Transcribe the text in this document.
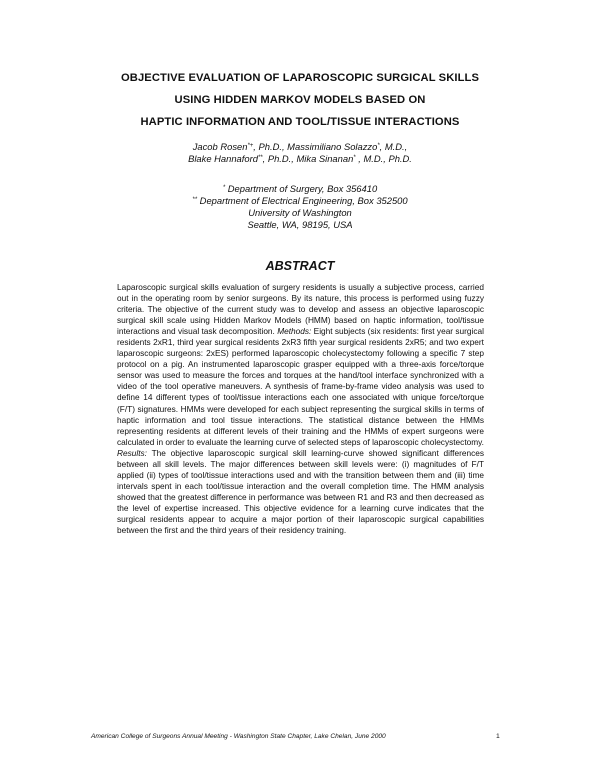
OBJECTIVE EVALUATION OF LAPAROSCOPIC SURGICAL SKILLS
USING HIDDEN MARKOV MODELS BASED ON
HAPTIC INFORMATION AND TOOL/TISSUE INTERACTIONS
Jacob Rosen*+, Ph.D., Massimiliano Solazzo*, M.D.,
Blake Hannaford**, Ph.D., Mika Sinanan* , M.D., Ph.D.
* Department of Surgery, Box 356410
** Department of Electrical Engineering, Box 352500
University of Washington
Seattle, WA, 98195, USA
ABSTRACT
Laparoscopic surgical skills evaluation of surgery residents is usually a subjective process, carried out in the operating room by senior surgeons. By its nature, this process is performed using fuzzy criteria. The objective of the current study was to develop and assess an objective laparoscopic surgical skill scale using Hidden Markov Models (HMM) based on haptic information, tool/tissue interactions and visual task decomposition. Methods: Eight subjects (six residents: first year surgical residents 2xR1, third year surgical residents 2xR3 fifth year surgical residents 2xR5; and two expert laparoscopic surgeons: 2xES) performed laparoscopic cholecystectomy following a specific 7 step protocol on a pig. An instrumented laparoscopic grasper equipped with a three-axis force/torque sensor was used to measure the forces and torques at the hand/tool interface synchronized with a video of the tool operative maneuvers. A synthesis of frame-by-frame video analysis was used to define 14 different types of tool/tissue interactions each one associated with unique force/torque (F/T) signatures. HMMs were developed for each subject representing the surgical skills in terms of haptic information and tool tissue interactions. The statistical distance between the HMMs representing residents at different levels of their training and the HMMs of expert surgeons were calculated in order to evaluate the learning curve of selected steps of laparoscopic cholecystectomy. Results: The objective laparoscopic surgical skill learning-curve showed significant differences between all skill levels. The major differences between skill levels were: (i) magnitudes of F/T applied (ii) types of tool/tissue interactions used and with the transition between them and (iii) time intervals spent in each tool/tissue interaction and the overall completion time. The HMM analysis showed that the greatest difference in performance was between R1 and R3 and then decreased as the level of expertise increased. This objective evidence for a learning curve indicates that the surgical residents appear to acquire a major portion of their laparoscopic surgical capabilities between the first and the third years of their residency training.
American College of Surgeons Annual Meeting - Washington State Chapter, Lake Chelan, June 2000	1
